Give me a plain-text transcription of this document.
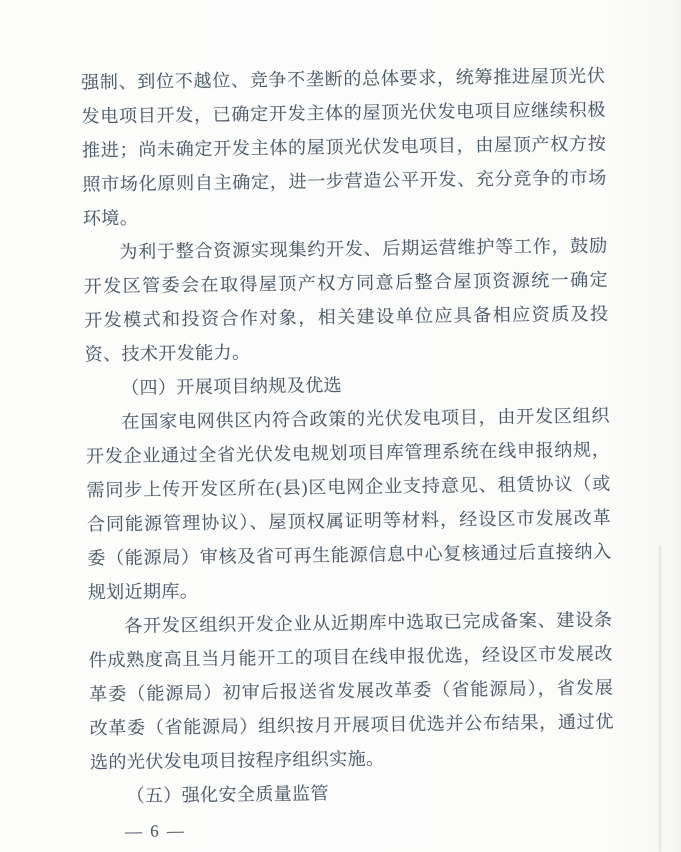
强制、到位不越位、竞争不垄断的总体要求，统筹推进屋顶光伏
发电项目开发，已确定开发主体的屋顶光伏发电项目应继续积极
推进；尚未确定开发主体的屋顶光伏发电项目，由屋顶产权方按
照市场化原则自主确定，进一步营造公平开发、充分竞争的市场
环境。
为利于整合资源实现集约开发、后期运营维护等工作，鼓励
开发区管委会在取得屋顶产权方同意后整合屋顶资源统一确定
开发模式和投资合作对象，相关建设单位应具备相应资质及投
资、技术开发能力。
（四）开展项目纳规及优选
在国家电网供区内符合政策的光伏发电项目，由开发区组织
开发企业通过全省光伏发电规划项目库管理系统在线申报纳规，
需同步上传开发区所在(县)区电网企业支持意见、租赁协议（或
合同能源管理协议）、屋顶权属证明等材料，经设区市发展改革
委（能源局）审核及省可再生能源信息中心复核通过后直接纳入
规划近期库。
各开发区组织开发企业从近期库中选取已完成备案、建设条
件成熟度高且当月能开工的项目在线申报优选，经设区市发展改
革委（能源局）初审后报送省发展改革委（省能源局），省发展
改革委（省能源局）组织按月开展项目优选并公布结果，通过优
选的光伏发电项目按程序组织实施。
（五）强化安全质量监管
— 6 —
